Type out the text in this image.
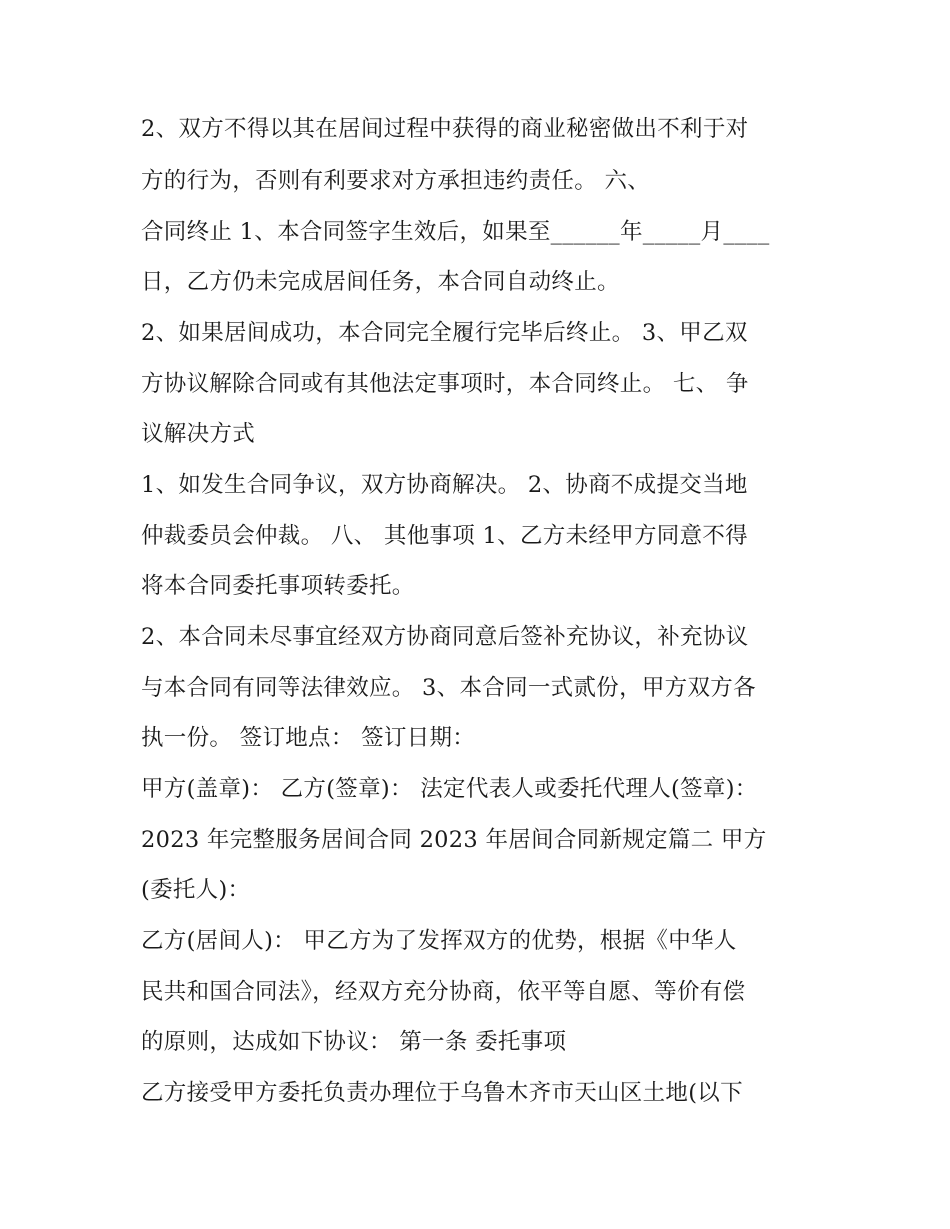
2、双方不得以其在居间过程中获得的商业秘密做出不利于对
方的行为，否则有利要求对方承担违约责任。 六、
合同终止 1、本合同签字生效后，如果至______年_____月____
日，乙方仍未完成居间任务，本合同自动终止。
2、如果居间成功，本合同完全履行完毕后终止。 3、甲乙双
方协议解除合同或有其他法定事项时，本合同终止。 七、 争
议解决方式
1、如发生合同争议，双方协商解决。 2、协商不成提交当地
仲裁委员会仲裁。 八、 其他事项 1、乙方未经甲方同意不得
将本合同委托事项转委托。
2、本合同未尽事宜经双方协商同意后签补充协议，补充协议
与本合同有同等法律效应。 3、本合同一式贰份，甲方双方各
执一份。 签订地点： 签订日期：
甲方(盖章)： 乙方(签章)： 法定代表人或委托代理人(签章)：
2023 年完整服务居间合同 2023 年居间合同新规定篇二 甲方
(委托人)：
乙方(居间人)： 甲乙方为了发挥双方的优势，根据《中华人
民共和国合同法》，经双方充分协商，依平等自愿、等价有偿
的原则，达成如下协议： 第一条 委托事项
乙方接受甲方委托负责办理位于乌鲁木齐市天山区土地(以下
